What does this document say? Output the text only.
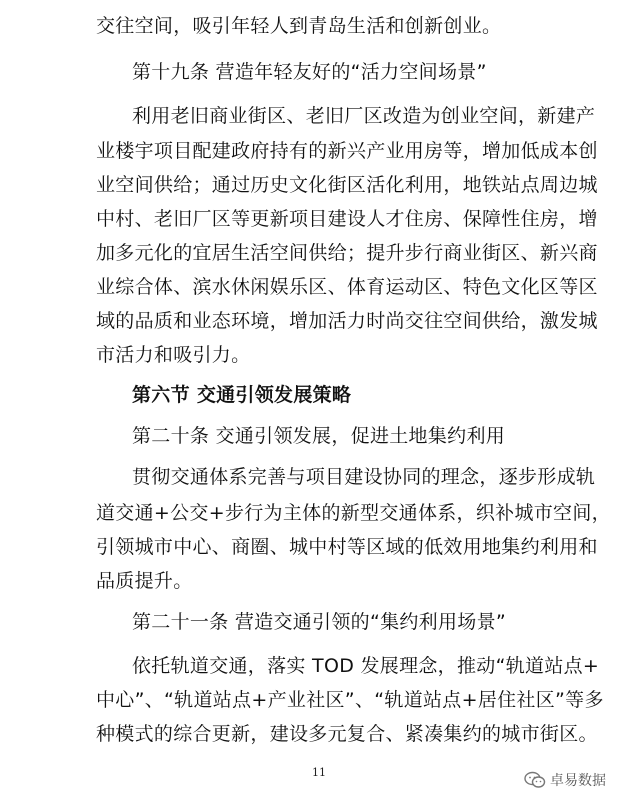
交往空间，吸引年轻人到青岛生活和创新创业。
第十九条 营造年轻友好的“活力空间场景”
利用老旧商业街区、老旧厂区改造为创业空间，新建产
业楼宇项目配建政府持有的新兴产业用房等，增加低成本创
业空间供给；通过历史文化街区活化利用，地铁站点周边城
中村、老旧厂区等更新项目建设人才住房、保障性住房，增
加多元化的宜居生活空间供给；提升步行商业街区、新兴商
业综合体、滨水休闲娱乐区、体育运动区、特色文化区等区
域的品质和业态环境，增加活力时尚交往空间供给，激发城
市活力和吸引力。
第六节 交通引领发展策略
第二十条 交通引领发展，促进土地集约利用
贯彻交通体系完善与项目建设协同的理念，逐步形成轨
道交通+公交+步行为主体的新型交通体系，织补城市空间，
引领城市中心、商圈、城中村等区域的低效用地集约利用和
品质提升。
第二十一条 营造交通引领的“集约利用场景”
依托轨道交通，落实 TOD 发展理念，推动“轨道站点+
中心”、“轨道站点+产业社区”、“轨道站点+居住社区”等多
种模式的综合更新，建设多元复合、紧凑集约的城市街区。
11
卓易数据
